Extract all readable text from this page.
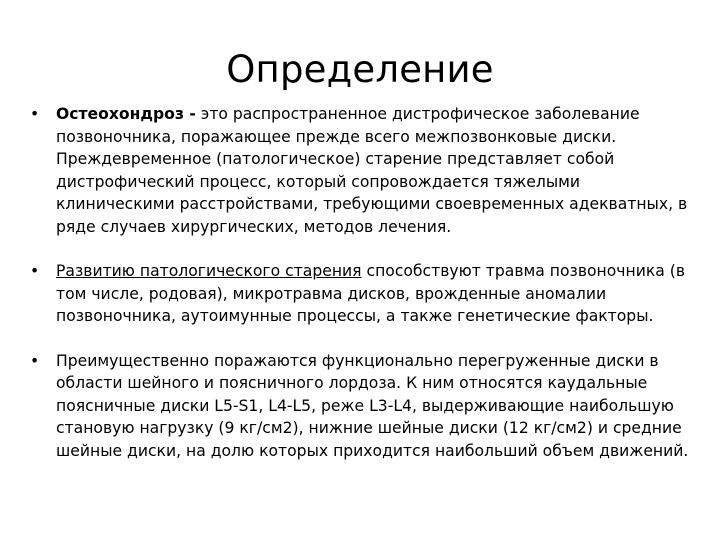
Определение
• Остеохондроз - это распространенное дистрофическое заболевание позвоночника, поражающее прежде всего межпозвонковые диски. Преждевременное (патологическое) старение представляет собой дистрофический процесс, который сопровождается тяжелыми клиническими расстройствами, требующими своевременных адекватных, в ряде случаев хирургических, методов лечения.
• Развитию патологического старения способствуют травма позвоночника (в том числе, родовая), микротравма дисков, врожденные аномалии позвоночника, аутоимунные процессы, а также генетические факторы.
• Преимущественно поражаются функционально перегруженные диски в области шейного и поясничного лордоза. К ним относятся каудальные поясничные диски L5-S1, L4-L5, реже L3-L4, выдерживающие наибольшую становую нагрузку (9 кг/см2), нижние шейные диски (12 кг/см2) и средние шейные диски, на долю которых приходится наибольший объем движений.
